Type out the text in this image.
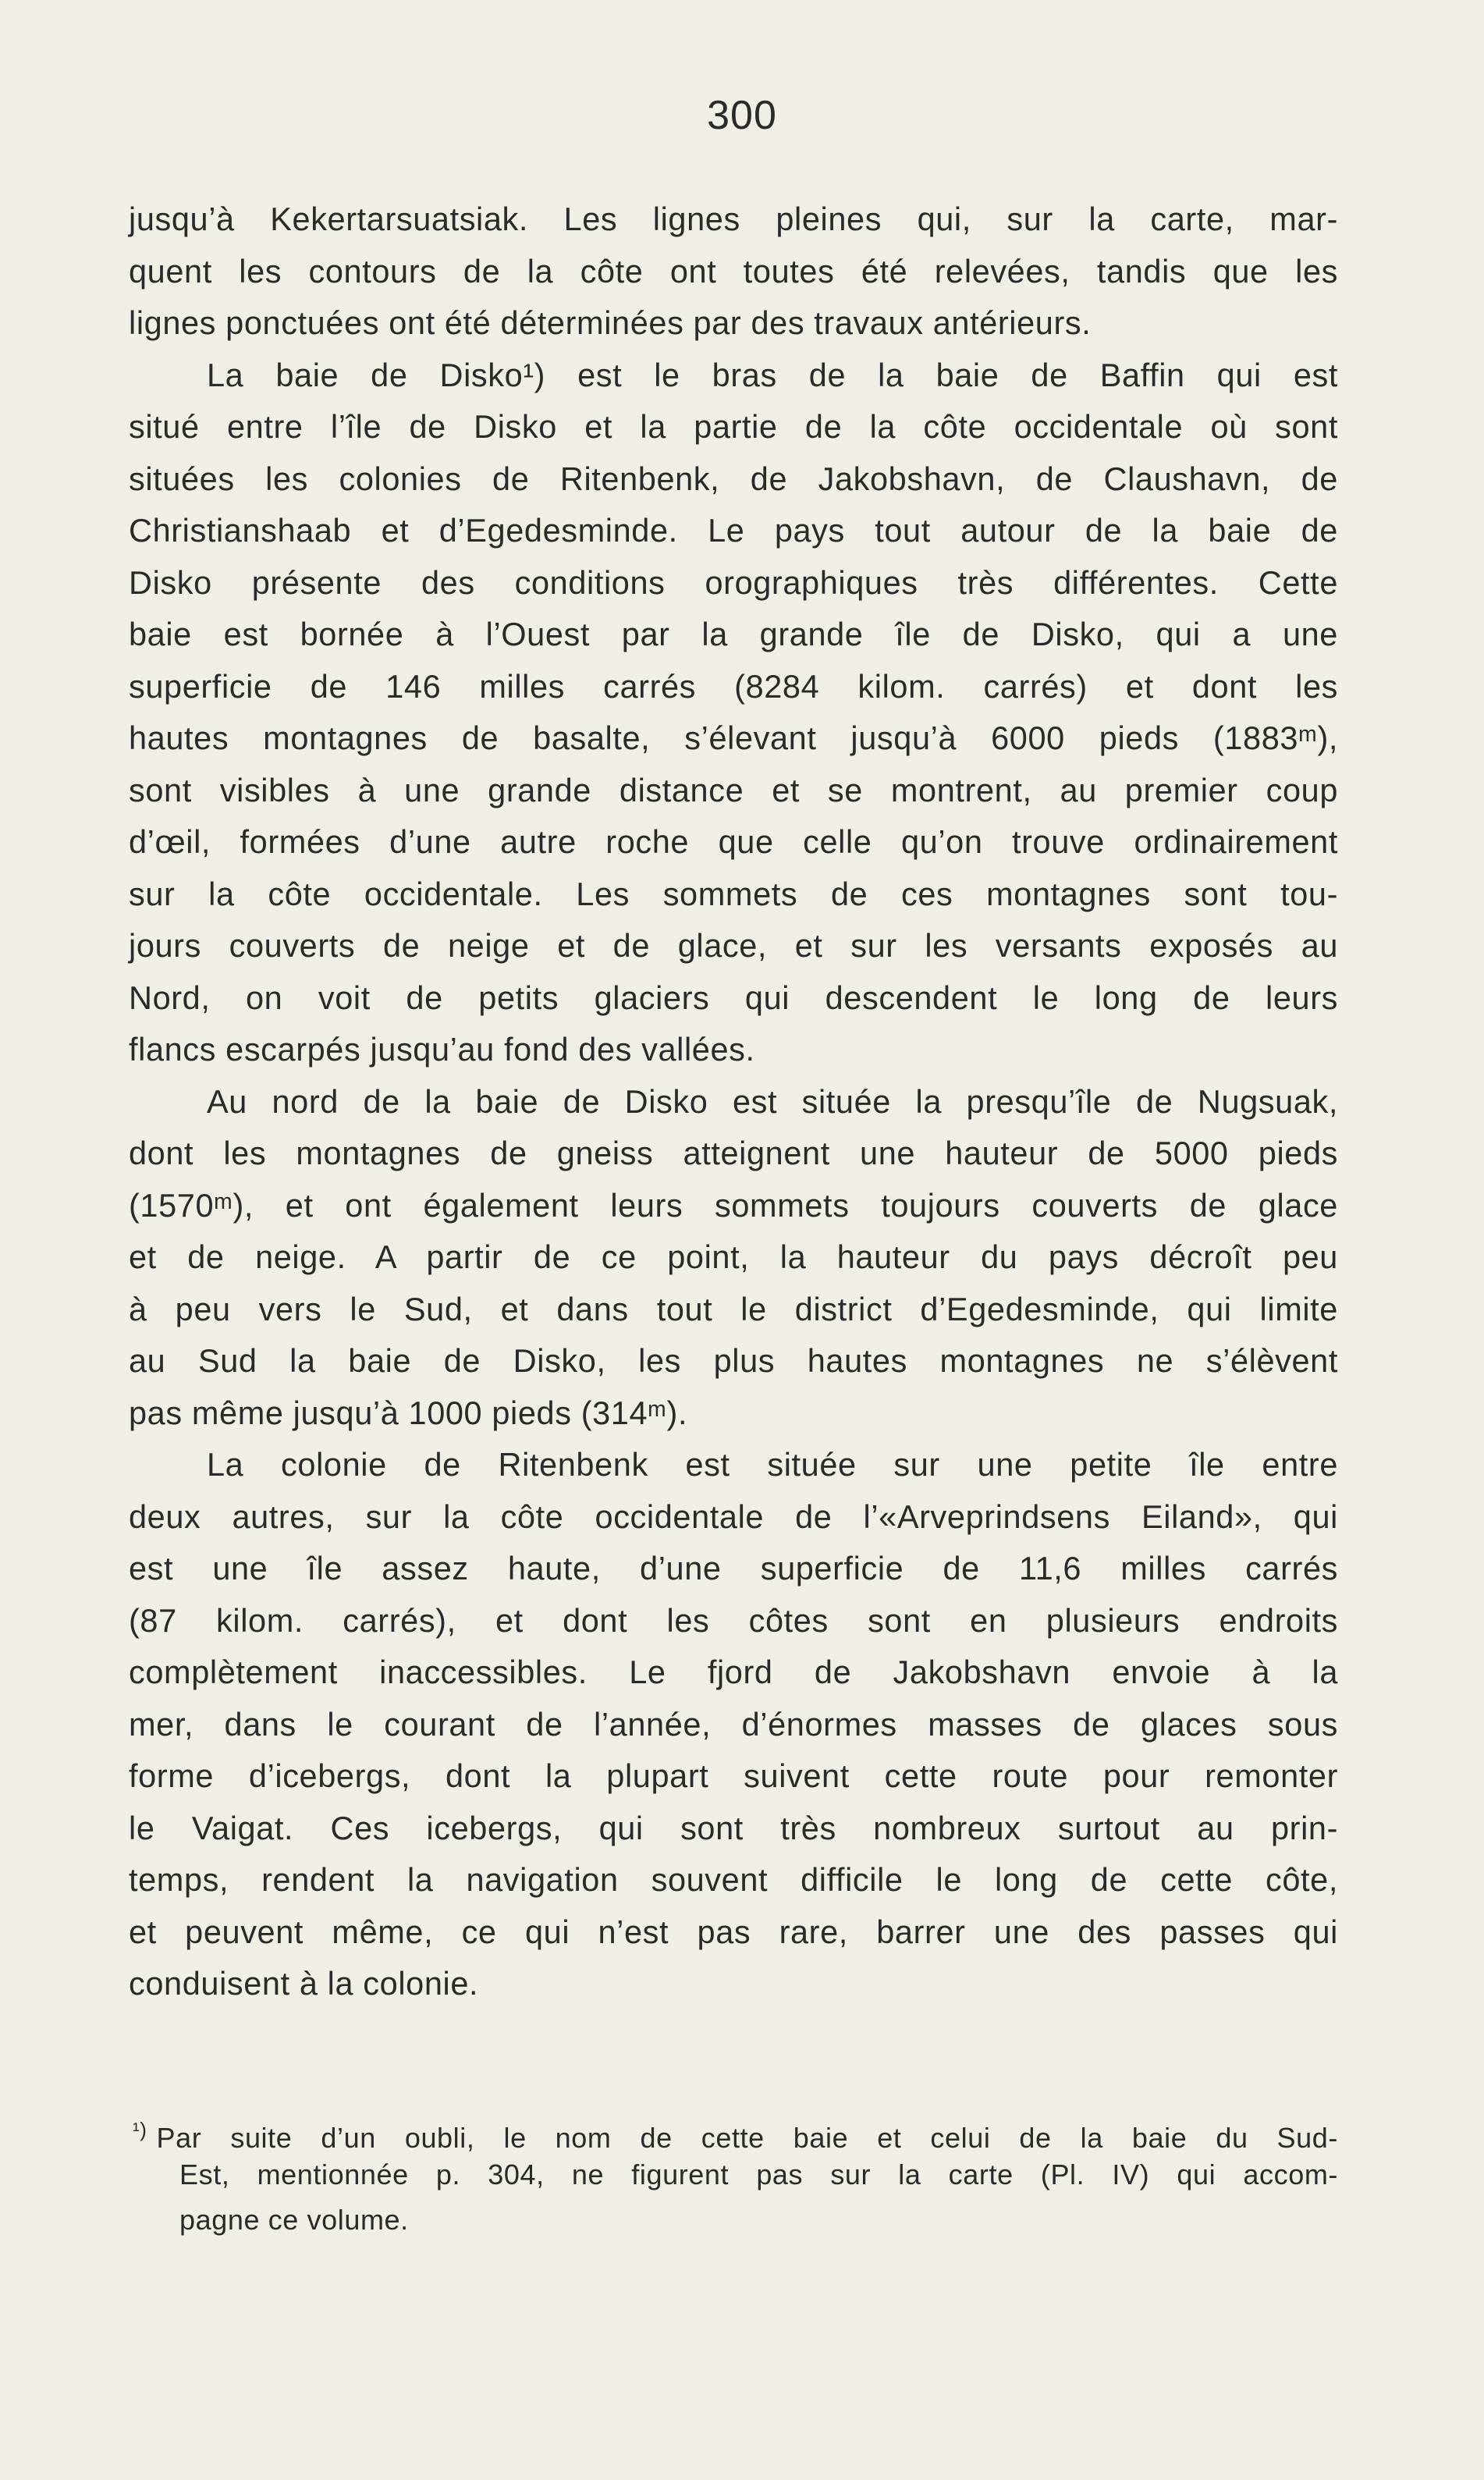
300

jusqu’à Kekertarsuatsiak. Les lignes pleines qui, sur la carte, mar-
quent les contours de la côte ont toutes été relevées, tandis que les
lignes ponctuées ont été déterminées par des travaux antérieurs.

La baie de Disko¹) est le bras de la baie de Baffin qui est
situé entre l’île de Disko et la partie de la côte occidentale où sont
situées les colonies de Ritenbenk, de Jakobshavn, de Claushavn, de
Christianshaab et d’Egedesminde. Le pays tout autour de la baie de
Disko présente des conditions orographiques très différentes. Cette
baie est bornée à l’Ouest par la grande île de Disko, qui a une
superficie de 146 milles carrés (8284 kilom. carrés) et dont les
hautes montagnes de basalte, s’élevant jusqu’à 6000 pieds (1883ᵐ),
sont visibles à une grande distance et se montrent, au premier coup
d’œil, formées d’une autre roche que celle qu’on trouve ordinairement
sur la côte occidentale. Les sommets de ces montagnes sont tou-
jours couverts de neige et de glace, et sur les versants exposés au
Nord, on voit de petits glaciers qui descendent le long de leurs
flancs escarpés jusqu’au fond des vallées.

Au nord de la baie de Disko est située la presqu’île de Nugsuak,
dont les montagnes de gneiss atteignent une hauteur de 5000 pieds
(1570ᵐ), et ont également leurs sommets toujours couverts de glace
et de neige. A partir de ce point, la hauteur du pays décroît peu
à peu vers le Sud, et dans tout le district d’Egedesminde, qui limite
au Sud la baie de Disko, les plus hautes montagnes ne s’élèvent
pas même jusqu’à 1000 pieds (314ᵐ).

La colonie de Ritenbenk est située sur une petite île entre
deux autres, sur la côte occidentale de l’«Arveprindsens Eiland», qui
est une île assez haute, d’une superficie de 11,6 milles carrés
(87 kilom. carrés), et dont les côtes sont en plusieurs endroits
complètement inaccessibles. Le fjord de Jakobshavn envoie à la
mer, dans le courant de l’année, d’énormes masses de glaces sous
forme d’icebergs, dont la plupart suivent cette route pour remonter
le Vaigat. Ces icebergs, qui sont très nombreux surtout au prin-
temps, rendent la navigation souvent difficile le long de cette côte,
et peuvent même, ce qui n’est pas rare, barrer une des passes qui
conduisent à la colonie.

$^{^1)}$ Par suite d’un oubli, le nom de cette baie et celui de la baie du Sud-
Est, mentionnée p. 304, ne figurent pas sur la carte (Pl. IV) qui accom-
pagne ce volume.
